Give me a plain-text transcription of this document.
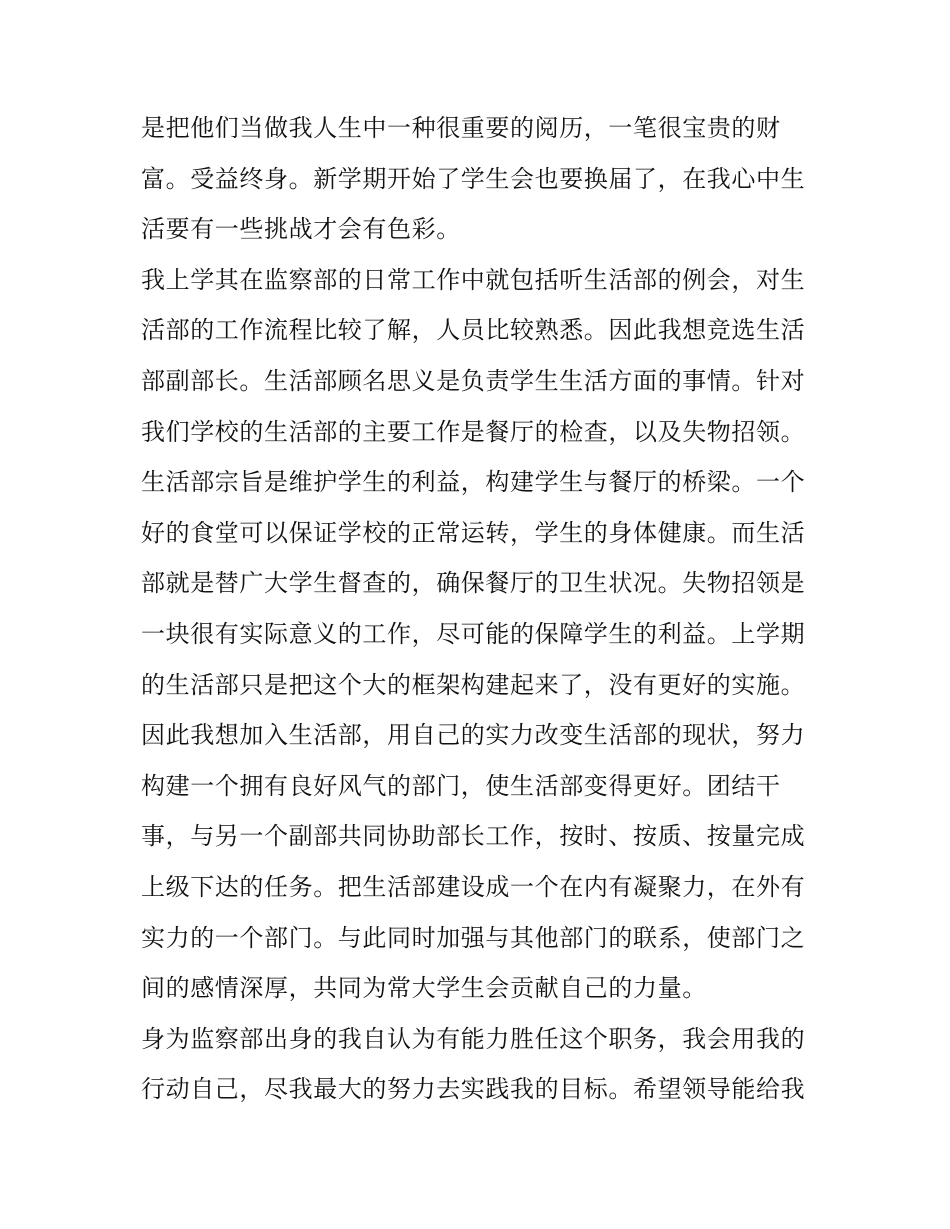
是把他们当做我人生中一种很重要的阅历，一笔很宝贵的财
富。受益终身。新学期开始了学生会也要换届了，在我心中生
活要有一些挑战才会有色彩。
我上学其在监察部的日常工作中就包括听生活部的例会，对生
活部的工作流程比较了解，人员比较熟悉。因此我想竞选生活
部副部长。生活部顾名思义是负责学生生活方面的事情。针对
我们学校的生活部的主要工作是餐厅的检查，以及失物招领。
生活部宗旨是维护学生的利益，构建学生与餐厅的桥梁。一个
好的食堂可以保证学校的正常运转，学生的身体健康。而生活
部就是替广大学生督查的，确保餐厅的卫生状况。失物招领是
一块很有实际意义的工作，尽可能的保障学生的利益。上学期
的生活部只是把这个大的框架构建起来了，没有更好的实施。
因此我想加入生活部，用自己的实力改变生活部的现状，努力
构建一个拥有良好风气的部门，使生活部变得更好。团结干
事，与另一个副部共同协助部长工作，按时、按质、按量完成
上级下达的任务。把生活部建设成一个在内有凝聚力，在外有
实力的一个部门。与此同时加强与其他部门的联系，使部门之
间的感情深厚，共同为常大学生会贡献自己的力量。
身为监察部出身的我自认为有能力胜任这个职务，我会用我的
行动自己，尽我最大的努力去实践我的目标。希望领导能给我
